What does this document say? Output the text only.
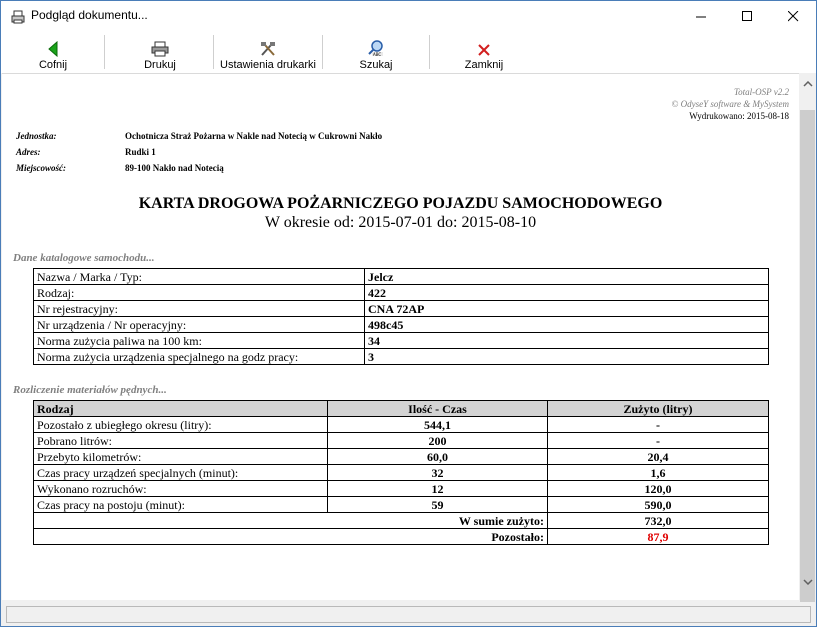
Podgląd dokumentu...
Cofnij	Drukuj	Ustawienia drukarki
ABC
Szukaj	Zamknij
Total-OSP v2.2
© OdyseY software & MySystem
Wydrukowano: 2015-08-18
Jednostka:	Ochotnicza Straż Pożarna w Nakle nad Notecią w Cukrowni Nakło
Adres:	Rudki 1
Miejscowość:	89-100 Nakło nad Notecią
KARTA DROGOWA POŻARNICZEGO POJAZDU SAMOCHODOWEGO
W okresie od: 2015-07-01 do: 2015-08-10
Dane katalogowe samochodu...
Nazwa / Marka / Typ:	Jelcz
Rodzaj:	422
Nr rejestracyjny:	CNA 72AP
Nr urządzenia / Nr operacyjny:	498c45
Norma zużycia paliwa na 100 km:	34
Norma zużycia urządzenia specjalnego na godz pracy:	3
Rozliczenie materiałów pędnych...
Rodzaj	Ilość - Czas	Zużyto (litry)
Pozostało z ubiegłego okresu (litry):	544,1	-
Pobrano litrów:	200	-
Przebyto kilometrów:	60,0	20,4
Czas pracy urządzeń specjalnych (minut):	32	1,6
Wykonano rozruchów:	12	120,0
Czas pracy na postoju (minut):	59	590,0
W sumie zużyto:		732,0
Pozostało:		87,9
